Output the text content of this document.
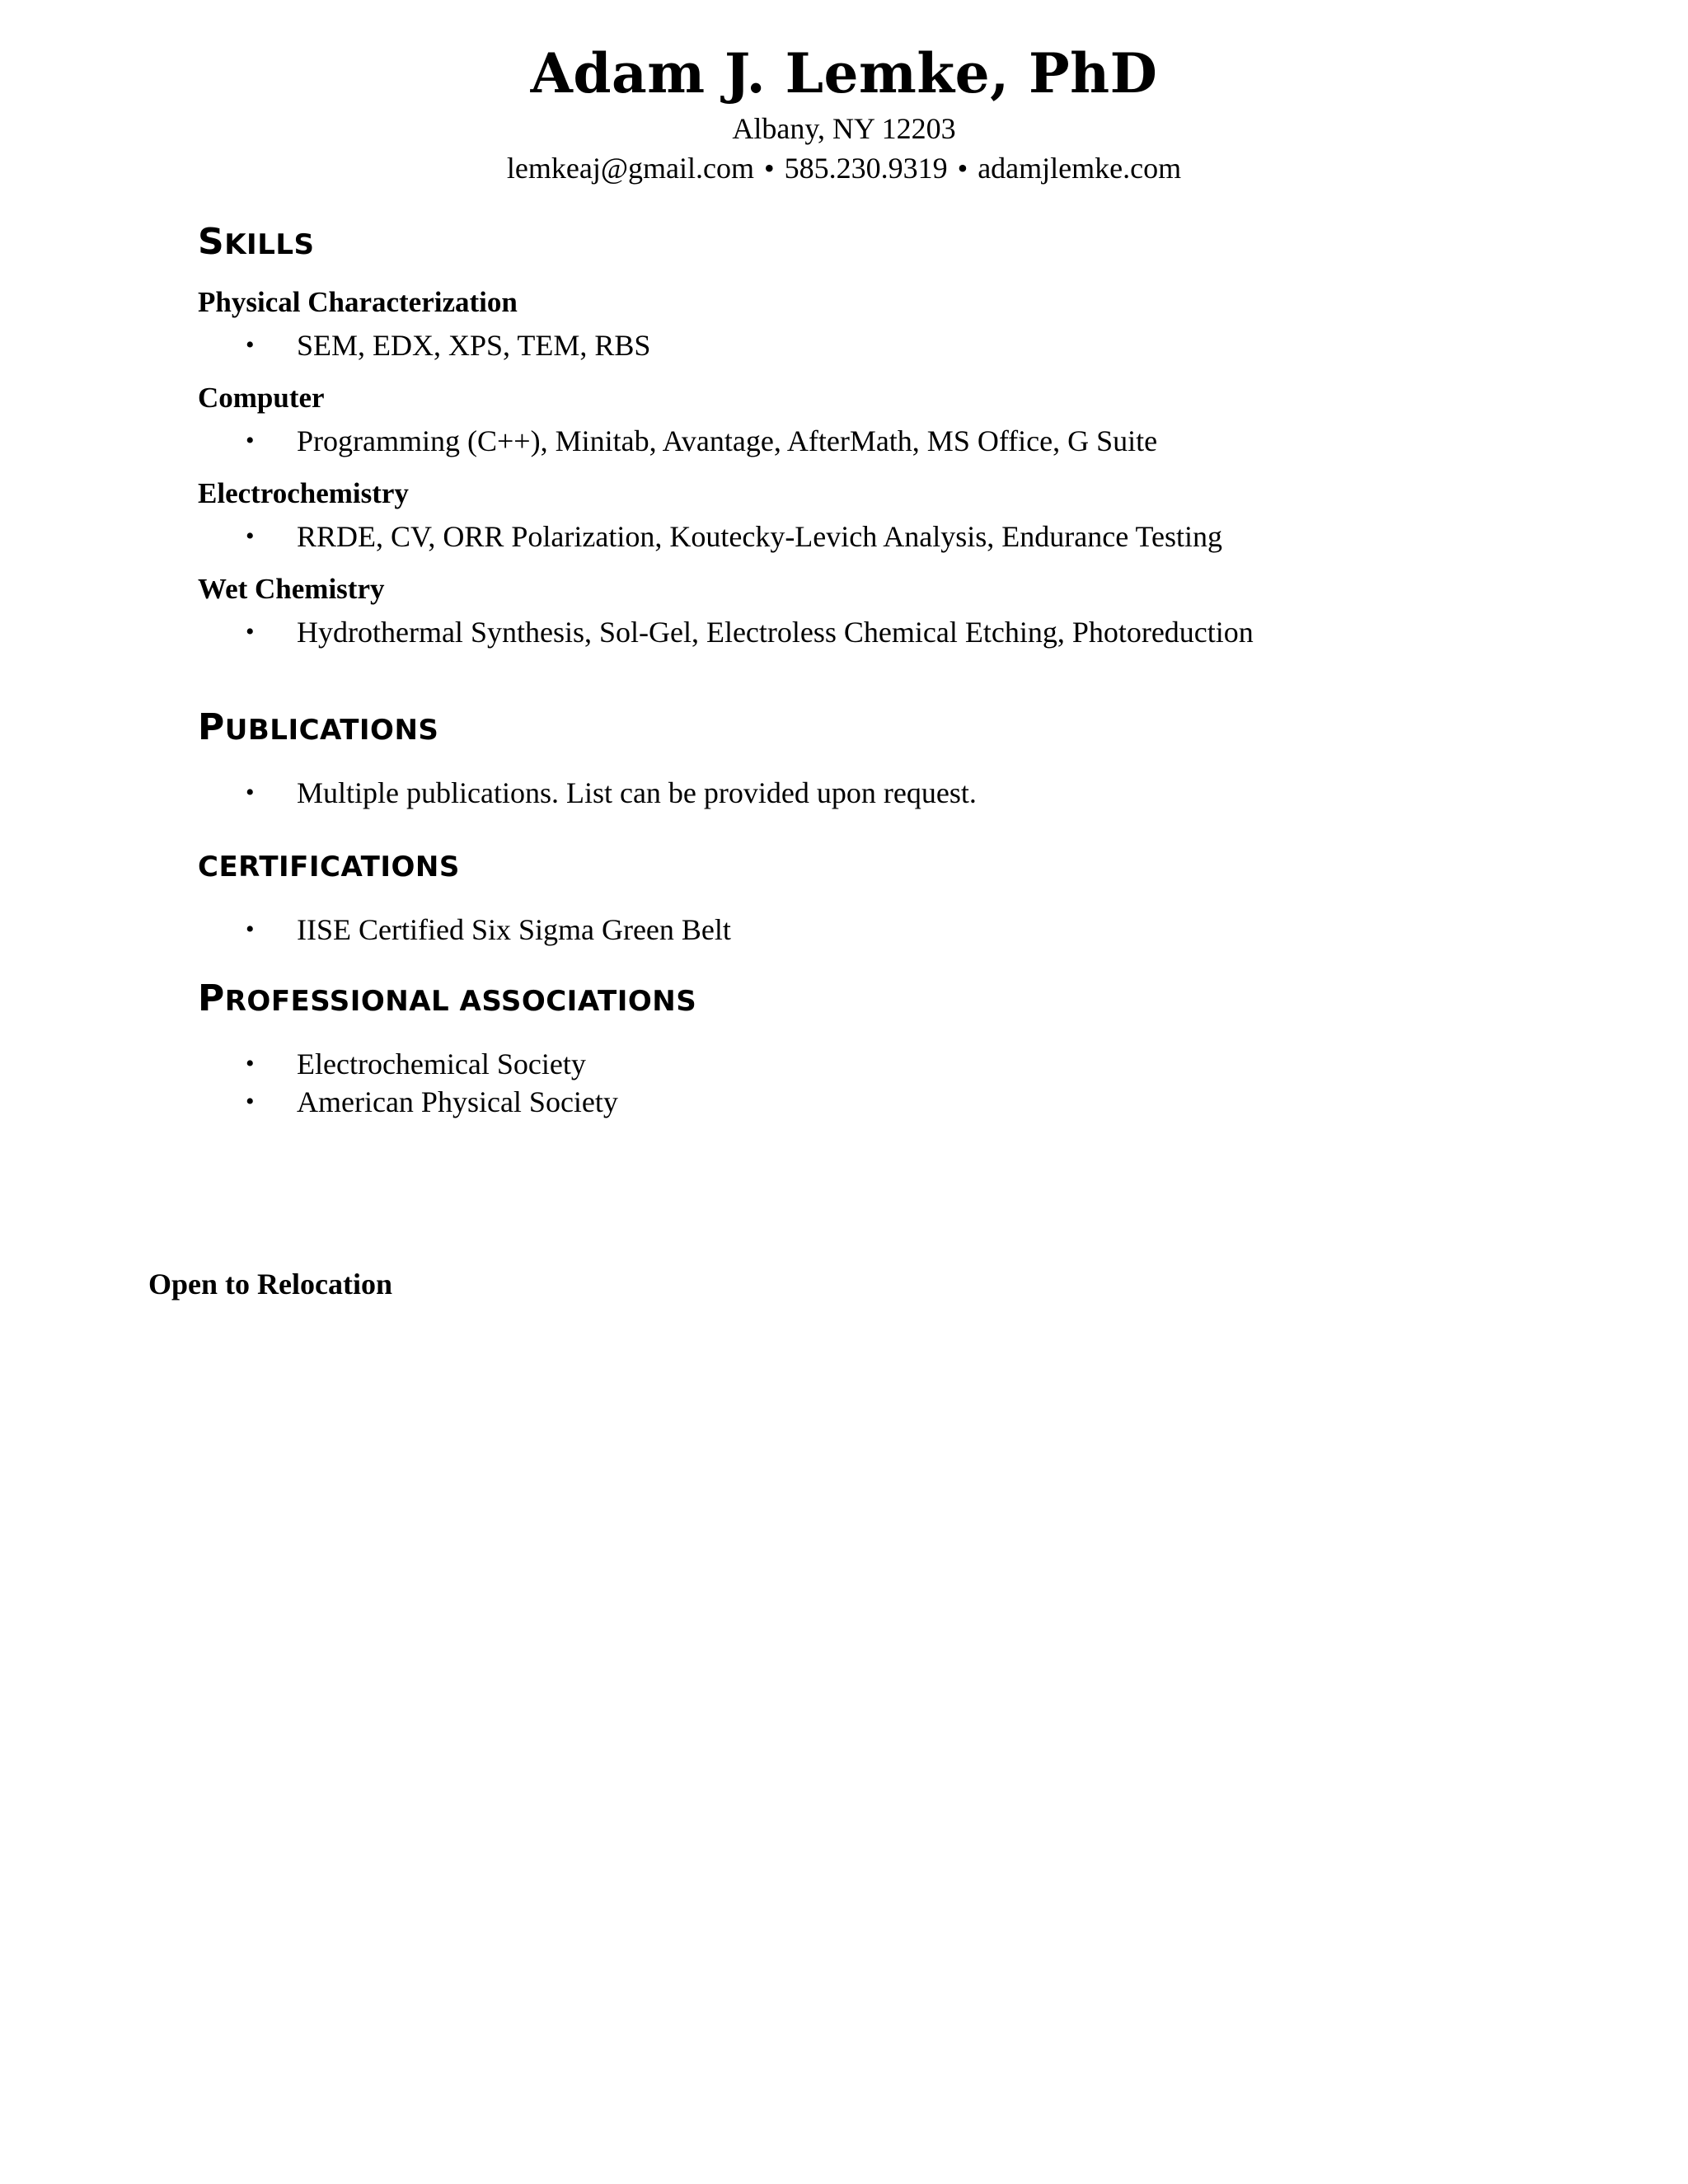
Adam J. Lemke, PhD
Albany, NY 12203
lemkeaj@gmail.com • 585.230.9319 • adamjlemke.com
SKILLS
Physical Characterization
• SEM, EDX, XPS, TEM, RBS
Computer
• Programming (C++), Minitab, Avantage, AfterMath, MS Office, G Suite
Electrochemistry
• RRDE, CV, ORR Polarization, Koutecky-Levich Analysis, Endurance Testing
Wet Chemistry
• Hydrothermal Synthesis, Sol-Gel, Electroless Chemical Etching, Photoreduction
PUBLICATIONS
• Multiple publications. List can be provided upon request.
CERTIFICATIONS
• IISE Certified Six Sigma Green Belt
PROFESSIONAL ASSOCIATIONS
• Electrochemical Society
• American Physical Society
Open to Relocation
